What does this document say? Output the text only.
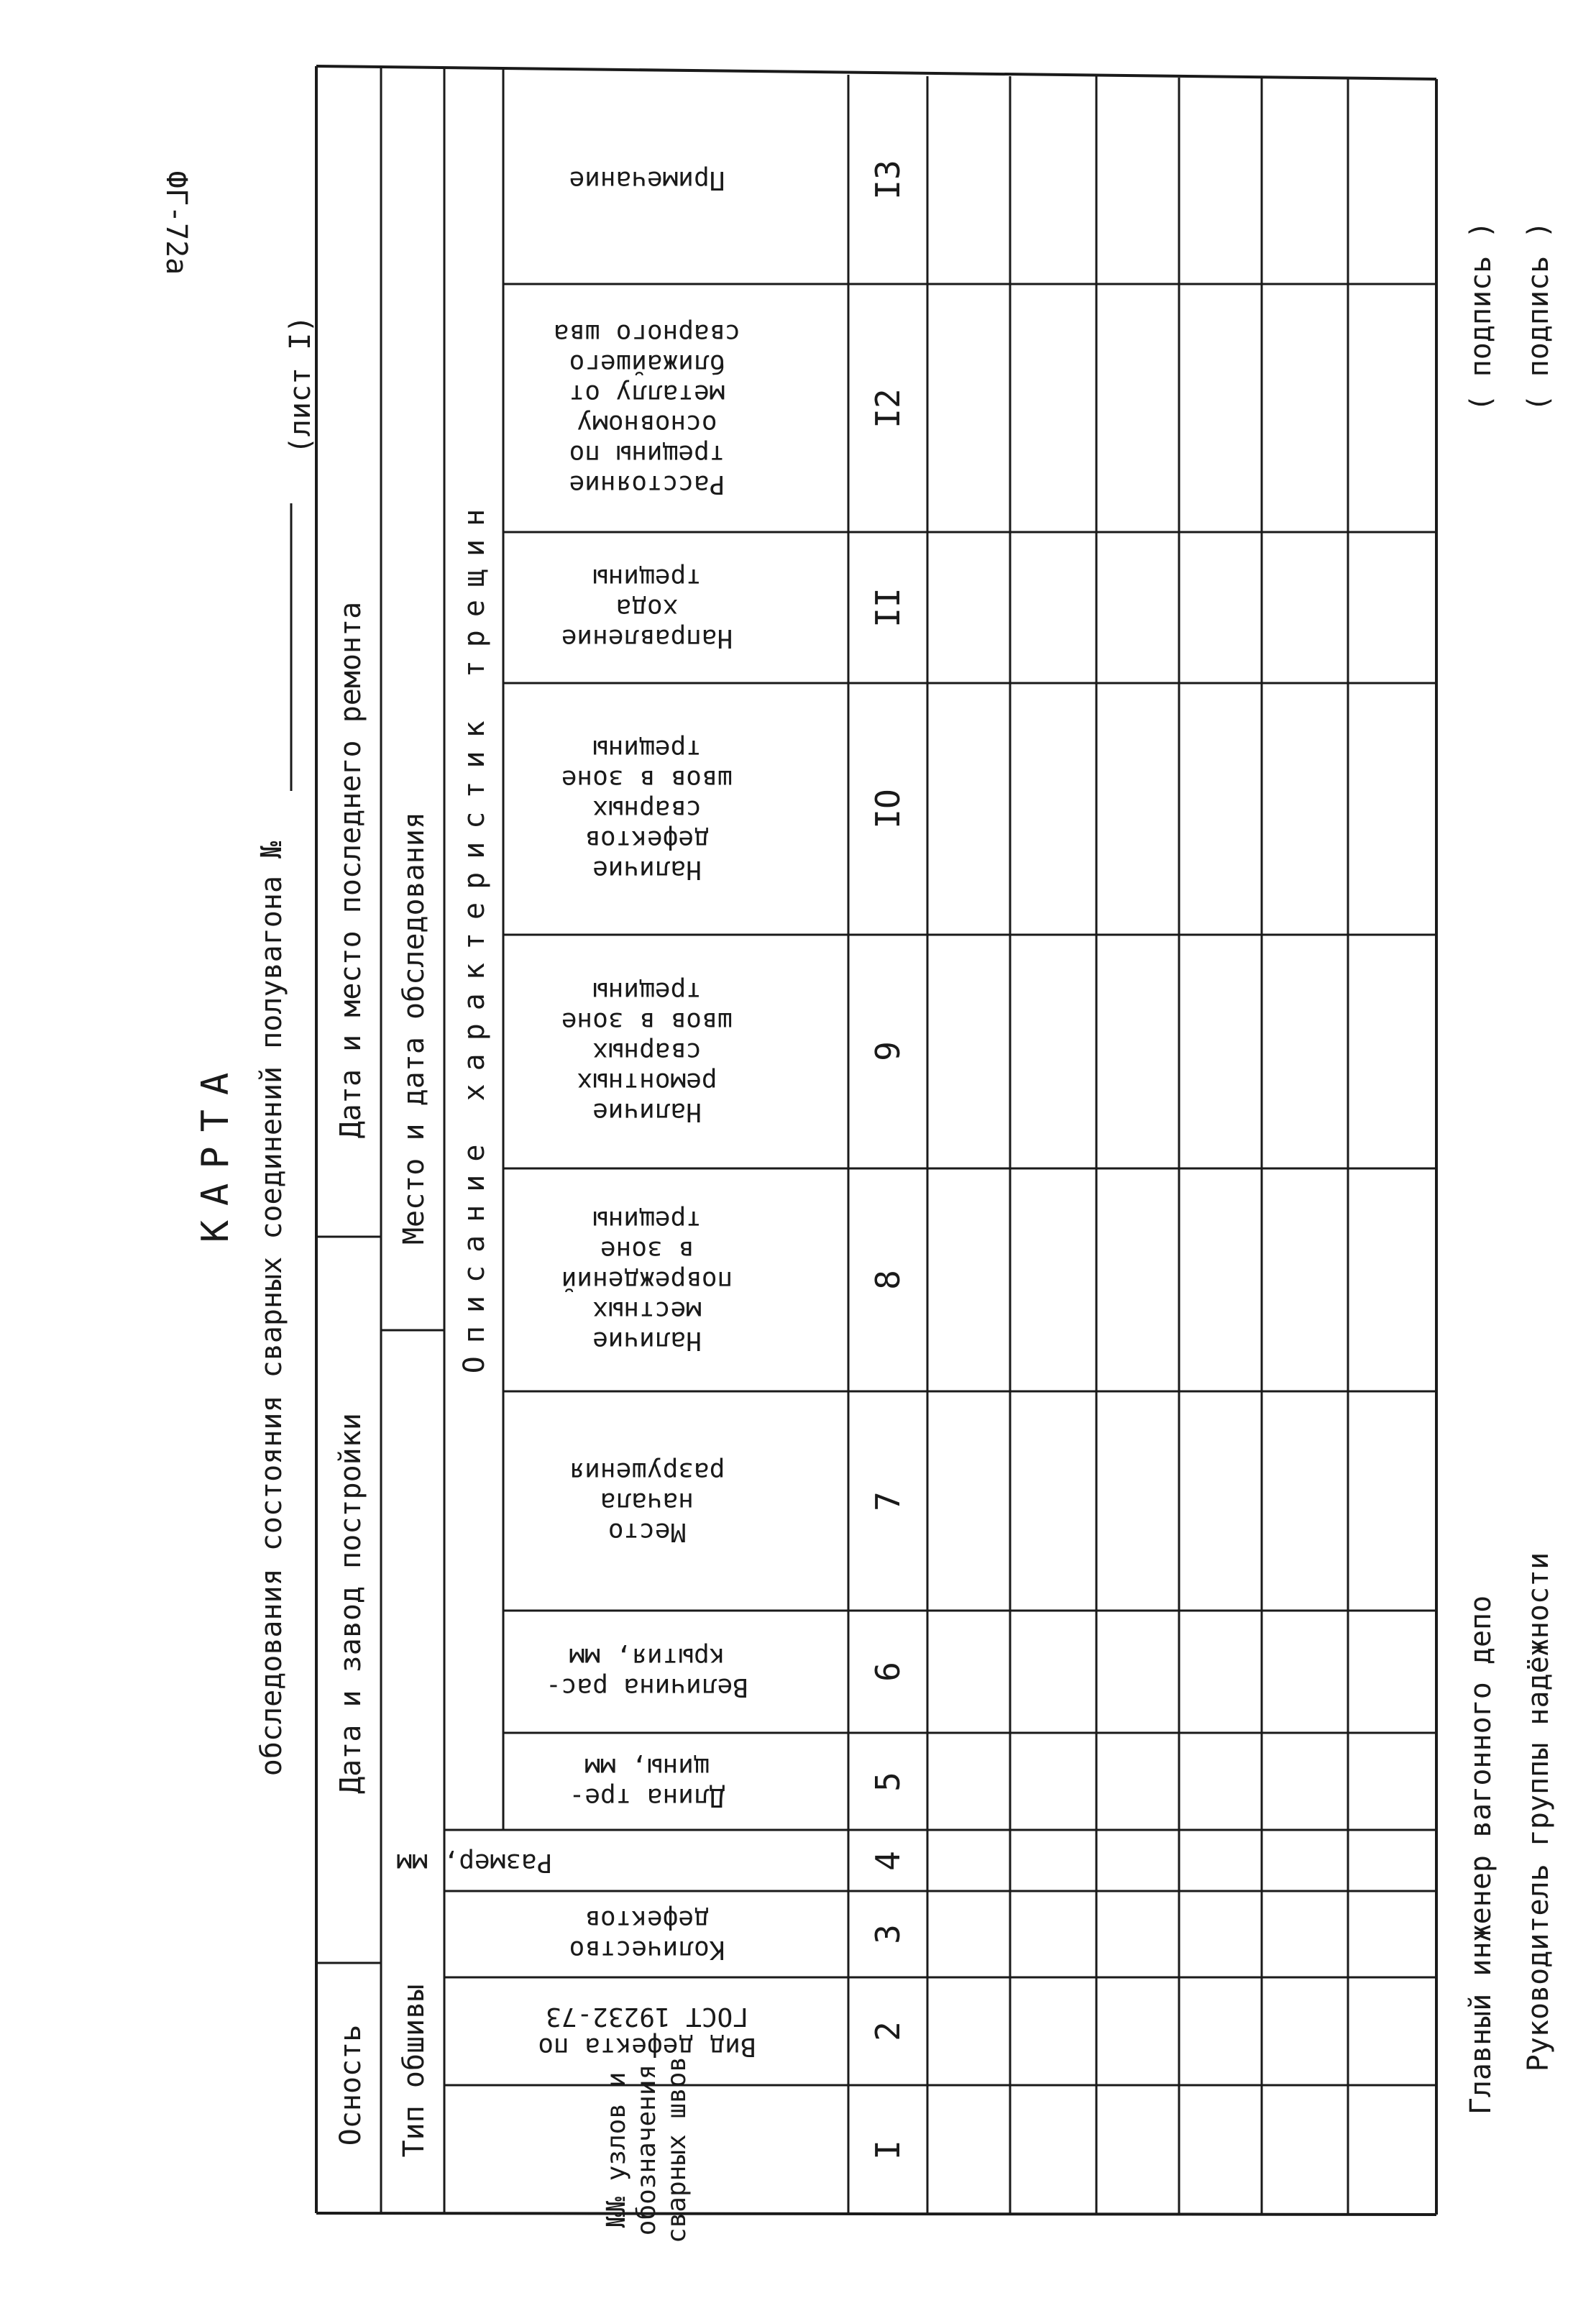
ФГ-72а
КАРТА обследования состояния сварных соединений полувагона №
(лист I)
Осность
Дата и завод постройки
Дата и место последнего ремонта
Тип обшивы
Место и дата обследования Описание характеристик трещин
№№ узлов и
обозначения
сварных швов
Вид дефекта по
ГОСТ 19232-73
Количество
дефектов
Размер, мм
Длина тре-
щины, мм
Величина рас-
крытия, мм
Место
начала
разрушения
Наличие
местных
повреждений
в зоне
трещины
Наличие
ремонтных
сварных
швов в зоне
трещины
Наличие
дефектов
сварных
швов в зоне
трещины
Направление
хода
трещины
Расстояние
трещины по
основному
металлу от
ближайшего
сварного шва
Примечание
I
2
3
4
5
6
7
8
9
IO
II
I2
I3
Главный инженер вагонного депо Руководитель группы надёжности
( подпись ) ( подпись )
